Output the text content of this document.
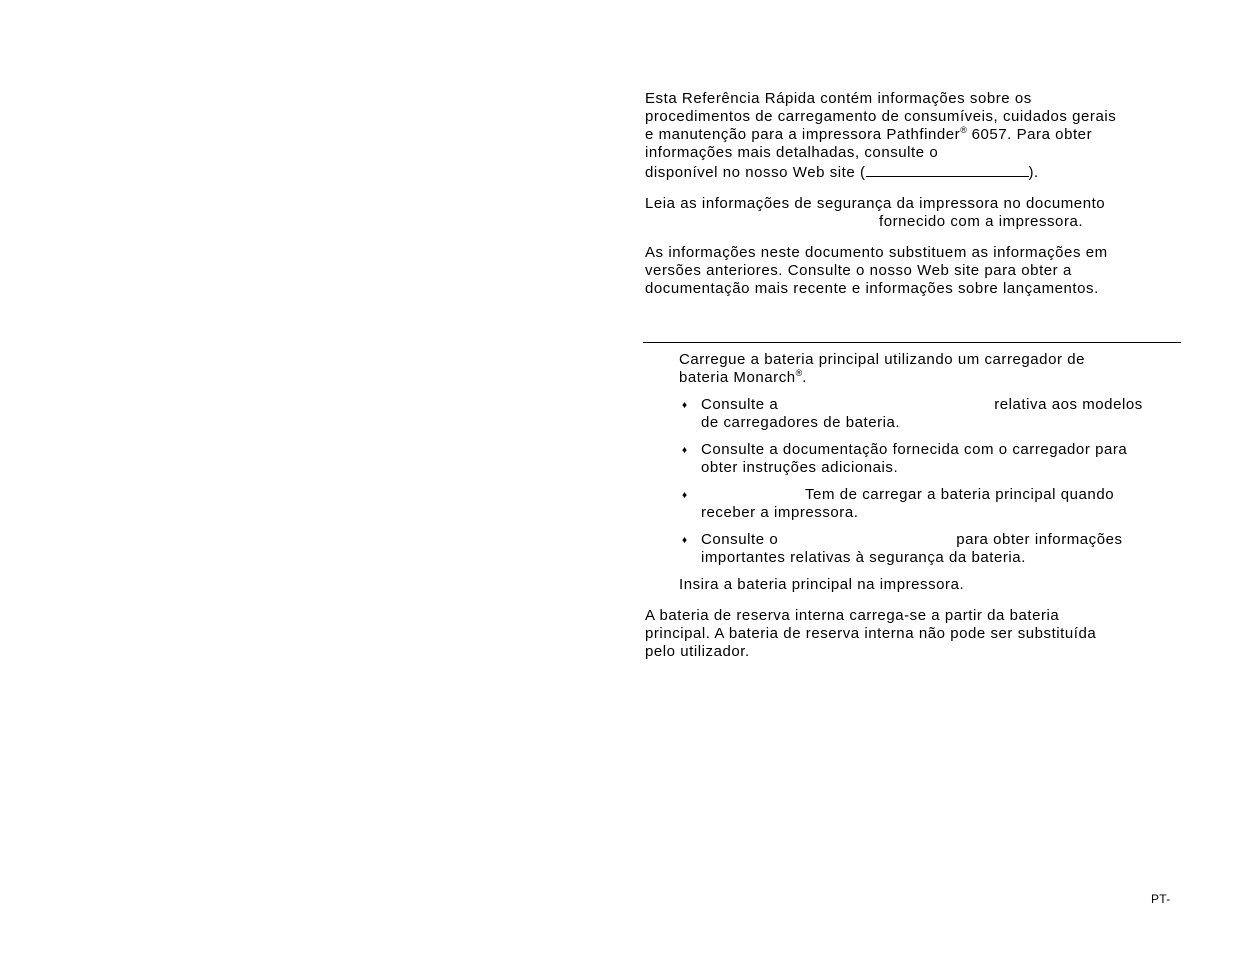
Esta Referência Rápida contém informações sobre os
procedimentos de carregamento de consumíveis, cuidados gerais
e manutenção para a impressora Pathfinder® 6057. Para obter
informações mais detalhadas, consulte o
disponível no nosso Web site (	).

Leia as informações de segurança da impressora no documento
fornecido com a impressora.

As informações neste documento substituem as informações em
versões anteriores. Consulte o nosso Web site para obter a
documentação mais recente e informações sobre lançamentos.

Carregue a bateria principal utilizando um carregador de
bateria Monarch®.

♦ Consulte a	relativa aos modelos
de carregadores de bateria.
♦ Consulte a documentação fornecida com o carregador para
obter instruções adicionais.
♦	Tem de carregar a bateria principal quando
receber a impressora.
♦ Consulte o	para obter informações
importantes relativas à segurança da bateria.

Insira a bateria principal na impressora.

A bateria de reserva interna carrega-se a partir da bateria
principal. A bateria de reserva interna não pode ser substituída
pelo utilizador.

PT-
